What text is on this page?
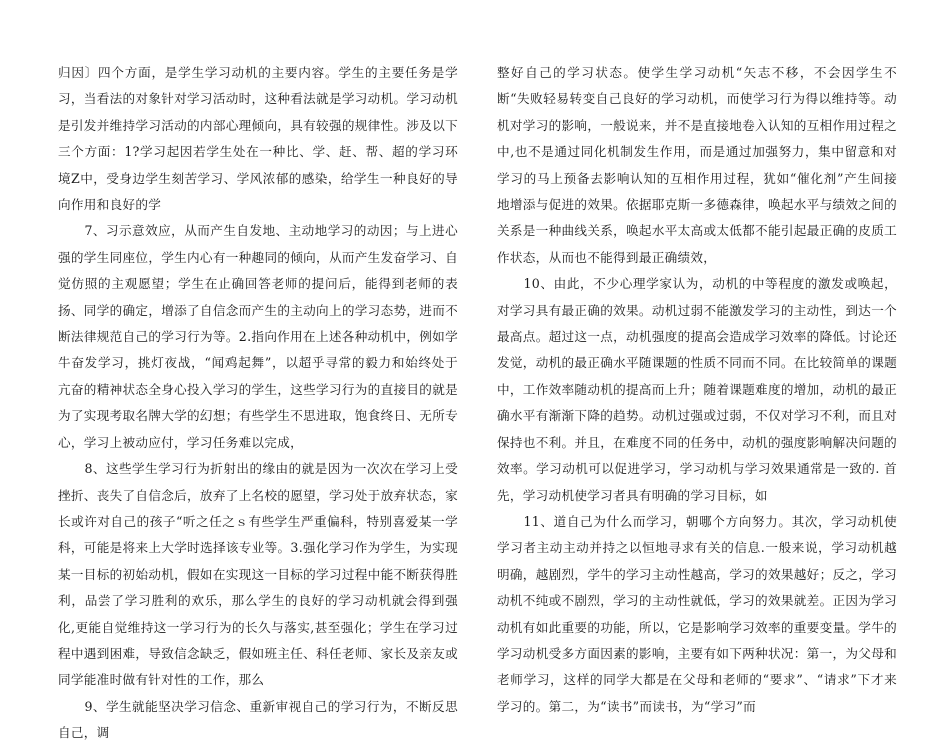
归因〕四个方面，是学生学习动机的主要内容。学生的主要任务是学习，当看法的对象针对学习活动时，这种看法就是学习动机。学习动机是引发并维持学习活动的内部心理倾向，具有较强的规律性。涉及以下三个方面：1?学习起因若学生处在一种比、学、赶、帮、超的学习环境Z中，受身边学生刻苦学习、学风浓郁的感染，给学生一种良好的导向作用和良好的学

7、习示意效应，从而产生自发地、主动地学习的动因；与上进心强的学生同座位，学生内心有一种趣同的倾向，从而产生发奋学习、自觉仿照的主观愿望；学生在止确回答老师的提问后，能得到老师的表扬、同学的确定，增添了自信念而产生的主动向上的学习态势，进而不断法律规范自己的学习行为等。2.指向作用在上述各种动机中，例如学牛奋发学习，挑灯夜战，“闻鸡起舞”，以超乎寻常的毅力和始终处于亢奋的精神状态全身心投入学习的学生，这些学习行为的直接目的就是为了实现考取名牌大学的幻想；有些学生不思进取，饱食终日、无所专心，学习上被动应付，学习任务难以完成，

8、这些学生学习行为折射出的缘由的就是因为一次次在学习上受挫折、丧失了自信念后，放弃了上名校的愿望，学习处于放弃状态，家长或许对自己的孩子“听之任之ｓ有些学生严重偏科，特别喜爱某一学科，可能是将来上大学时选择该专业等。3.强化学习作为学生，为实现某一目标的初始动机，假如在实现这一目标的学习过程中能不断获得胜利，品尝了学习胜利的欢乐，那么学生的良好的学习动机就会得到强化,更能自觉维持这一学习行为的长久与落实,甚至强化；学生在学习过程中遇到困难，导致信念缺乏，假如班主任、科任老师、家长及亲友或同学能准时做有针对性的工作，那么

9、学生就能坚决学习信念、重新审视自己的学习行为，不断反思自己，调

整好自己的学习状态。使学生学习动机“矢志不移，不会因学生不断“失败轻易转变自己良好的学习动机，而使学习行为得以维持等。动机对学习的影响，一般说来，并不是直接地卷入认知的互相作用过程之中,也不是通过同化机制发生作用，而是通过加强努力，集中留意和对学习的马上预备去影响认知的互相作用过程，犹如“催化剂”产生间接地增添与促进的效果。依据耶克斯一多德森律，唤起水平与绩效之间的关系是一种曲线关系，唤起水平太高或太低都不能引起最正确的皮质工作状态，从而也不能得到最正确绩效，

10、由此，不少心理学家认为，动机的中等程度的激发或唤起，对学习具有最正确的效果。动机过弱不能激发学习的主动性，到达一个最高点。超过这一点，动机强度的提高会造成学习效率的降低。讨论还发觉，动机的最正确水平随课题的性质不同而不同。在比较简单的课题中，工作效率随动机的提高而上升；随着课题难度的增加，动机的最正确水平有渐渐下降的趋势。动机过强或过弱，不仅对学习不利，而且对保持也不利。并且，在难度不同的任务中，动机的强度影响解决问题的效率。学习动机可以促进学习，学习动机与学习效果通常是一致的. 首先，学习动机使学习者具有明确的学习目标，如

11、道自己为什么而学习，朝哪个方向努力。其次，学习动机使学习者主动主动并持之以恒地寻求有关的信息.一般来说，学习动机越明确，越剧烈，学牛的学习主动性越高，学习的效果越好；反之，学习动机不纯或不剧烈，学习的主动性就低，学习的效果就差。正因为学习动机有如此重要的功能，所以，它是影响学习效率的重要变量。学牛的学习动机受多方面因素的影响，主要有如下两种状况：第一，为父母和老师学习，这样的同学大都是在父母和老师的“要求”、“请求”下才来学习的。第二，为“读书”而读书，为“学习”而
